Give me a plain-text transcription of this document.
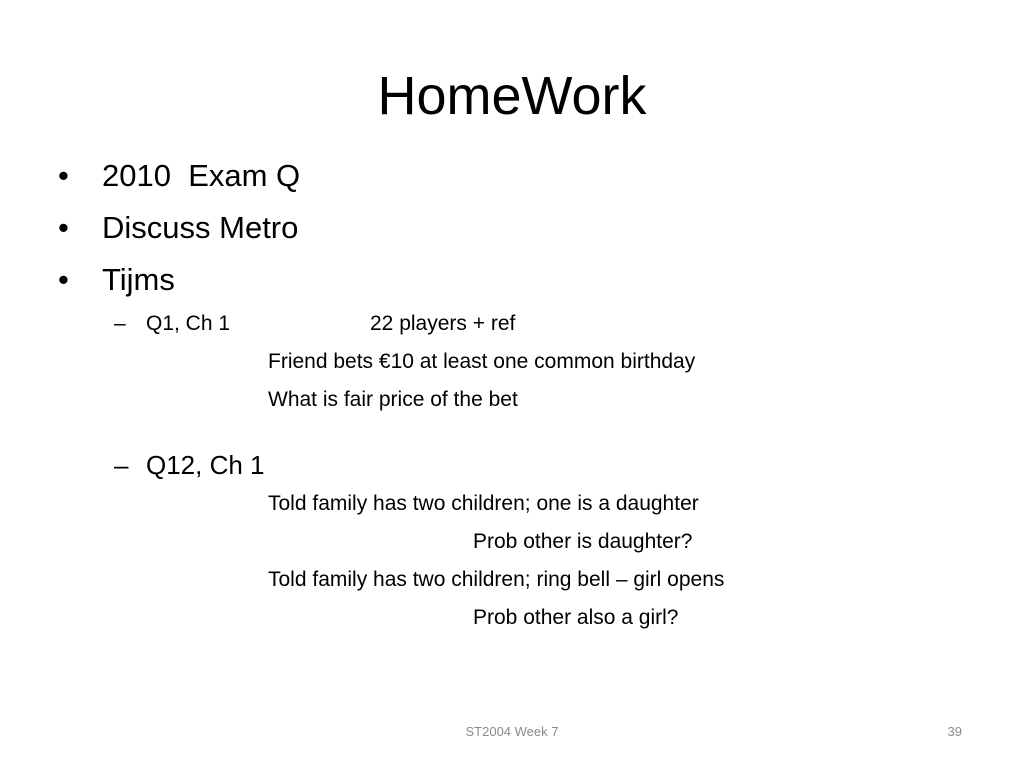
HomeWork
• 2010  Exam Q
• Discuss Metro
• Tijms
– Q1, Ch 1	22 players + ref
Friend bets €10 at least one common birthday
What is fair price of the bet
– Q12, Ch 1
Told family has two children; one is a daughter
Prob other is daughter?
Told family has two children; ring bell – girl opens
Prob other also a girl?
ST2004 Week 7	39
